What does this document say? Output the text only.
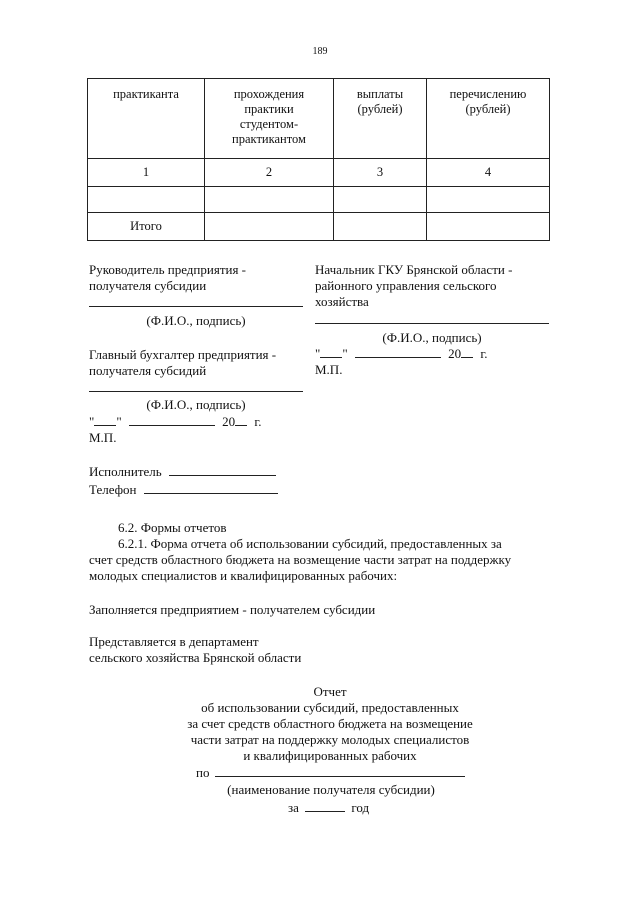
189
практиканта	прохождения практики студентом-практикантом	выплаты (рублей)	перечислению (рублей)
1	2	3	4

Итого			
Руководитель предприятия -
получателя субсидии
(Ф.И.О., подпись)
Главный бухгалтер предприятия -
получателя субсидий
(Ф.И.О., подпись)
" "	20 г.
М.П.
Начальник ГКУ Брянской области -
районного управления сельского
хозяйства
(Ф.И.О., подпись)
" "	20 г.
М.П.
Исполнитель
Телефон
6.2. Формы отчетов
6.2.1. Форма отчета об использовании субсидий, предоставленных за
счет средств областного бюджета на возмещение части затрат на поддержку
молодых специалистов и квалифицированных рабочих:
Заполняется предприятием - получателем субсидии
Представляется в департамент
сельского хозяйства Брянской области
Отчет
об использовании субсидий, предоставленных
за счет средств областного бюджета на возмещение
части затрат на поддержку молодых специалистов
и квалифицированных рабочих
по
(наименование получателя субсидии)
за	год
